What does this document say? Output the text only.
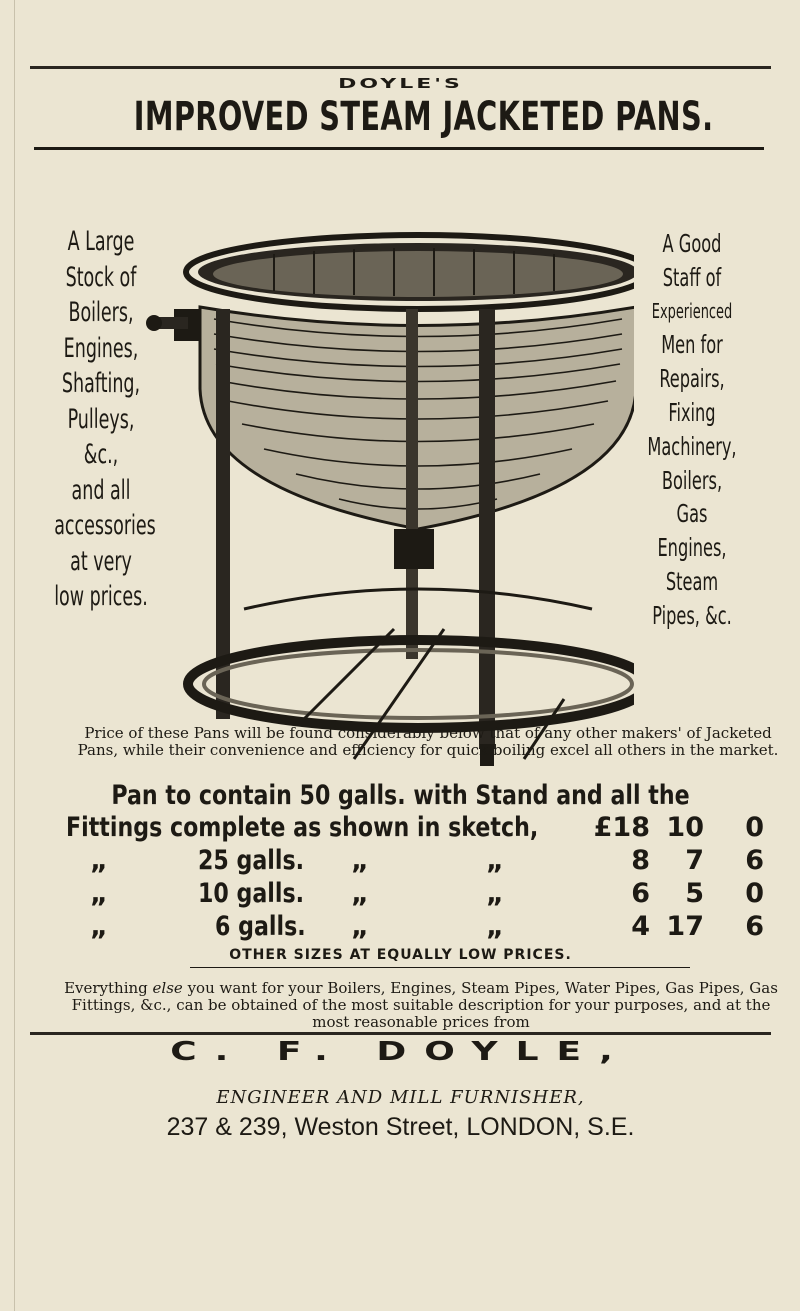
DOYLE'S
IMPROVED STEAM JACKETED PANS.
A Large
Stock of
Boilers,
Engines,
Shafting,
Pulleys,
&c.,
and all
accessories
at very
low prices.
A Good
Staff of
Experienced
Men for
Repairs,
Fixing
Machinery,
Boilers,
Gas
Engines,
Steam
Pipes, &c.
Price of these Pans will be found considerably below that of any other makers' of Jacketed Pans, while their convenience and efficiency for quick boiling excel all others in the market.
Pan to contain 50 galls. with Stand and all the
Fittings complete as shown in sketch,	£18 10	0
„	25 galls. „	„	8	7	6
„	10 galls. „	„	6	5	0
„	6 galls. „	„	4 17	6
OTHER SIZES AT EQUALLY LOW PRICES.
Everything else you want for your Boilers, Engines, Steam Pipes, Water Pipes, Gas Pipes, Gas Fittings, &c., can be obtained of the most suitable description for your purposes, and at the most reasonable prices from
C. F. DOYLE,
ENGINEER AND MILL FURNISHER,
237 & 239, Weston Street, LONDON, S.E.
